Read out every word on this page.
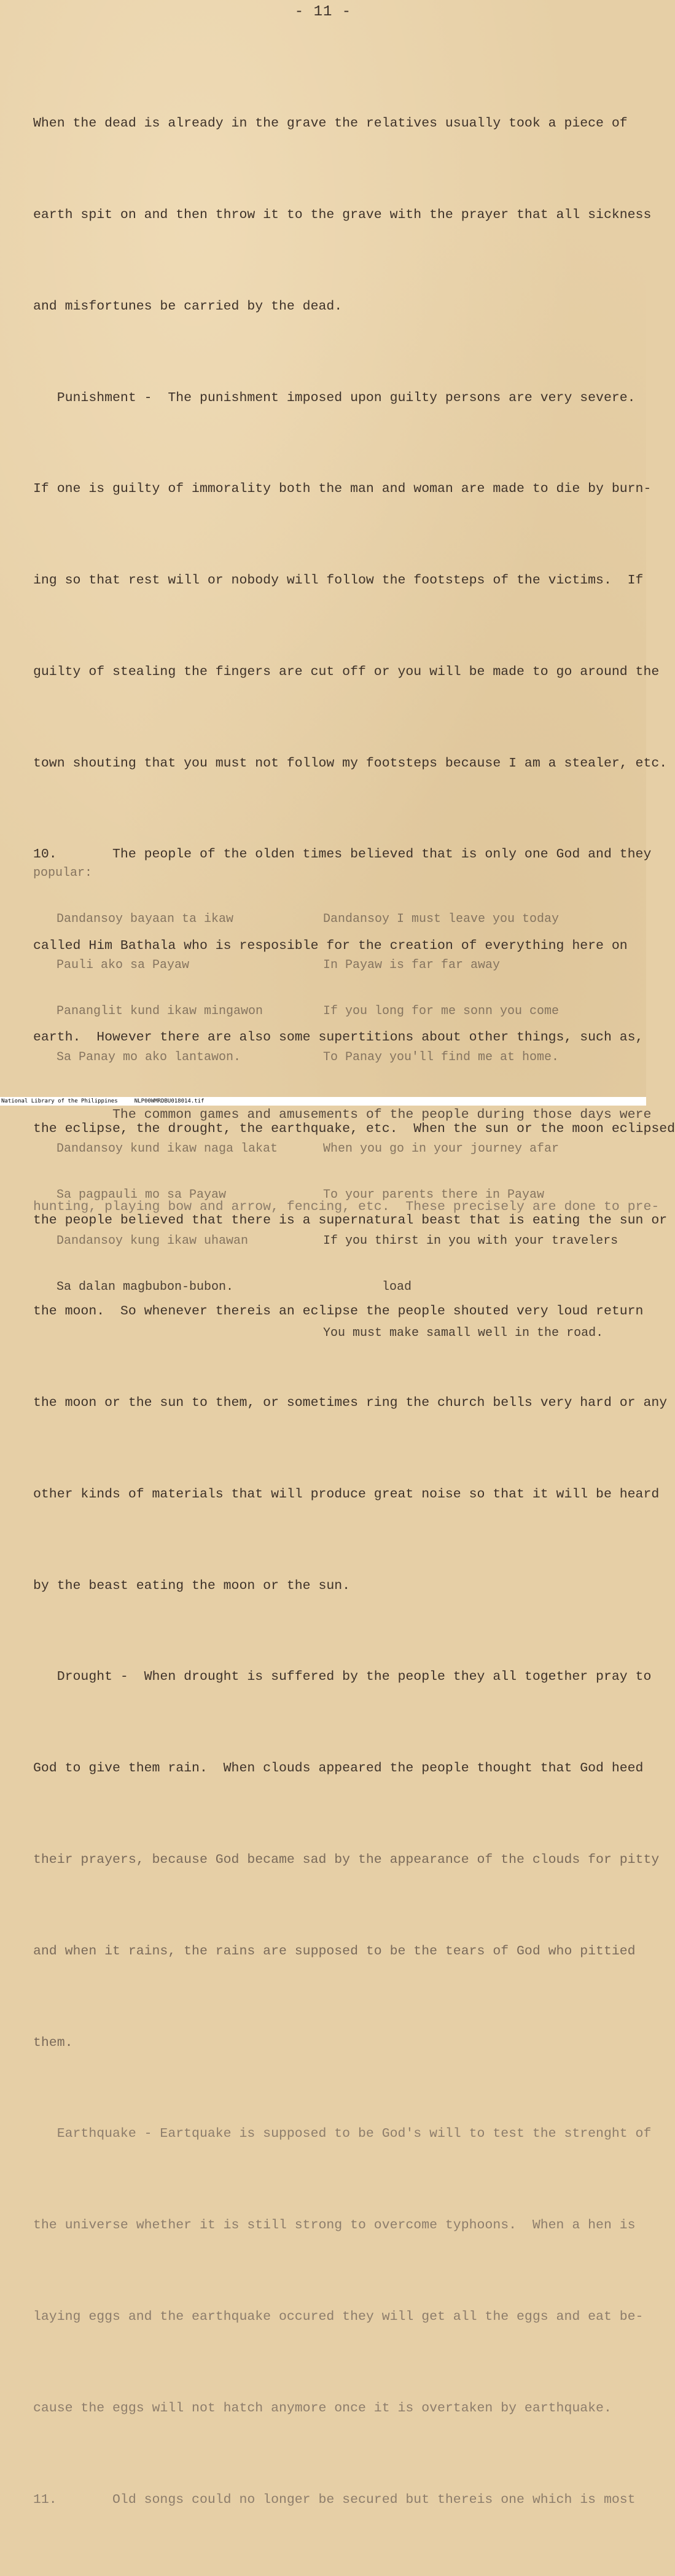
- 11 -

When the dead is already in the grave the relatives usually took a piece of

earth spit on and then throw it to the grave with the prayer that all sickness

and misfortunes be carried by the dead.

Punishment -  The punishment imposed upon guilty persons are very severe.

If one is guilty of immorality both the man and woman are made to die by burn-

ing so that rest will or nobody will follow the footsteps of the victims.  If

guilty of stealing the fingers are cut off or you will be made to go around the

town shouting that you must not follow my footsteps because I am a stealer, etc.

10.       The people of the olden times believed that is only one God and they

called Him Bathala who is resposible for the creation of everything here on

earth.  However there are also some supertitions about other things, such as,

the eclipse, the drought, the earthquake, etc.  When the sun or the moon eclipsed

the people believed that there is a supernatural beast that is eating the sun or

the moon.  So whenever thereis an eclipse the people shouted very loud return

the moon or the sun to them, or sometimes ring the church bells very hard or any

other kinds of materials that will produce great noise so that it will be heard

by the beast eating the moon or the sun.

Drought -  When drought is suffered by the people they all together pray to

God to give them rain.  When clouds appeared the people thought that God heed

their prayers, because God became sad by the appearance of the clouds for pitty

and when it rains, the rains are supposed to be the tears of God who pittied

them.

Earthquake - Eartquake is supposed to be God's will to test the strenght of

the universe whether it is still strong to overcome typhoons.  When a hen is

laying eggs and the earthquake occured they will get all the eggs and eat be-

cause the eggs will not hatch anymore once it is overtaken by earthquake.

11.       Old songs could no longer be secured but thereis one which is most

popular:

Dandansoy bayaan ta ikaw

Pauli ako sa Payaw

Pananglit kund ikaw mingawon

Sa Panay mo ako lantawon.

Dandansoy kund ikaw naga lakat

Sa pagpauli mo sa Payaw

Dandansoy kung ikaw uhawan

Sa dalan magbubon-bubon.

Dandansoy I must leave you today

In Payaw is far far away

If you long for me sonn you come

To Panay you'll find me at home.

When you go in your journey afar

To your parents there in Payaw

If you thirst in you with your travelers

load

You must make samall well in the road.

The common games and amusements of the people during those days were

hunting, playing bow and arrow, fencing, etc.  These precisely are done to pre-

National Library of the Philippines     NLP00WMRDBU018014.tif
